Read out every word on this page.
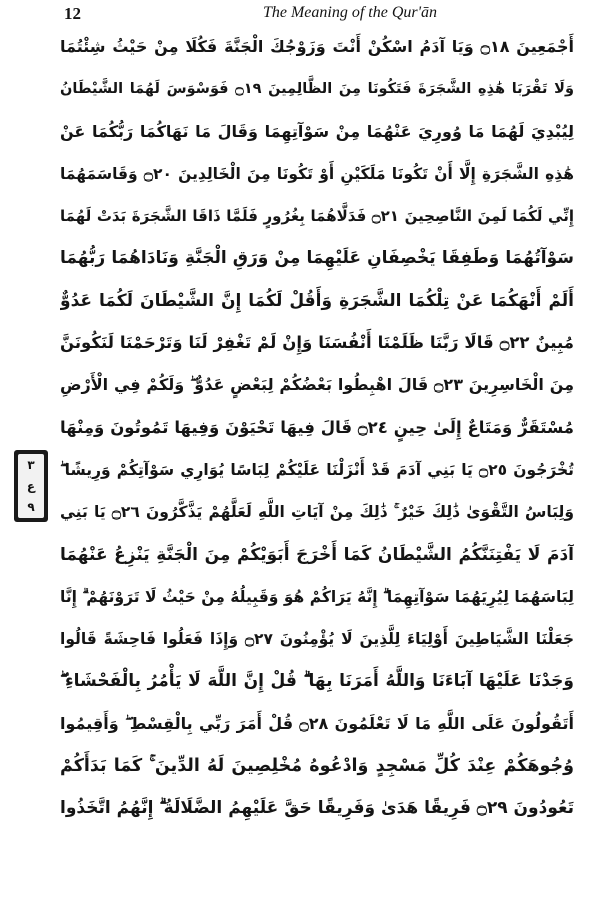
12	The Meaning of the Qur'ān
٣
ع
٩
أَجْمَعِينَ ۝١٨ وَيَا آدَمُ اسْكُنْ أَنْتَ وَزَوْجُكَ الْجَنَّةَ فَكُلَا مِنْ حَيْثُ شِئْتُمَا
وَلَا تَقْرَبَا هَٰذِهِ الشَّجَرَةَ فَتَكُونَا مِنَ الظَّالِمِينَ ۝١٩ فَوَسْوَسَ لَهُمَا الشَّيْطَانُ
لِيُبْدِيَ لَهُمَا مَا وُورِيَ عَنْهُمَا مِنْ سَوْآتِهِمَا وَقَالَ مَا نَهَاكُمَا رَبُّكُمَا عَنْ
هَٰذِهِ الشَّجَرَةِ إِلَّا أَنْ تَكُونَا مَلَكَيْنِ أَوْ تَكُونَا مِنَ الْخَالِدِينَ ۝٢٠ وَقَاسَمَهُمَا
إِنِّي لَكُمَا لَمِنَ النَّاصِحِينَ ۝٢١ فَدَلَّاهُمَا بِغُرُورٍ فَلَمَّا ذَاقَا الشَّجَرَةَ بَدَتْ لَهُمَا
سَوْآتُهُمَا وَطَفِقَا يَخْصِفَانِ عَلَيْهِمَا مِنْ وَرَقِ الْجَنَّةِ وَنَادَاهُمَا رَبُّهُمَا
أَلَمْ أَنْهَكُمَا عَنْ تِلْكُمَا الشَّجَرَةِ وَأَقُلْ لَكُمَا إِنَّ الشَّيْطَانَ لَكُمَا عَدُوٌّ
مُبِينٌ ۝٢٢ قَالَا رَبَّنَا ظَلَمْنَا أَنْفُسَنَا وَإِنْ لَمْ تَغْفِرْ لَنَا وَتَرْحَمْنَا لَنَكُونَنَّ
مِنَ الْخَاسِرِينَ ۝٢٣ قَالَ اهْبِطُوا بَعْضُكُمْ لِبَعْضٍ عَدُوٌّ ۖ وَلَكُمْ فِي الْأَرْضِ
مُسْتَقَرٌّ وَمَتَاعٌ إِلَىٰ حِينٍ ۝٢٤ قَالَ فِيهَا تَحْيَوْنَ وَفِيهَا تَمُوتُونَ وَمِنْهَا
تُخْرَجُونَ ۝٢٥ يَا بَنِي آدَمَ قَدْ أَنْزَلْنَا عَلَيْكُمْ لِبَاسًا يُوَارِي سَوْآتِكُمْ وَرِيشًا ۖ
وَلِبَاسُ التَّقْوَىٰ ذَٰلِكَ خَيْرٌ ۚ ذَٰلِكَ مِنْ آيَاتِ اللَّهِ لَعَلَّهُمْ يَذَّكَّرُونَ ۝٢٦ يَا بَنِي
آدَمَ لَا يَفْتِنَنَّكُمُ الشَّيْطَانُ كَمَا أَخْرَجَ أَبَوَيْكُمْ مِنَ الْجَنَّةِ يَنْزِعُ عَنْهُمَا
لِبَاسَهُمَا لِيُرِيَهُمَا سَوْآتِهِمَا ۗ إِنَّهُ يَرَاكُمْ هُوَ وَقَبِيلُهُ مِنْ حَيْثُ لَا تَرَوْنَهُمْ ۗ إِنَّا
جَعَلْنَا الشَّيَاطِينَ أَوْلِيَاءَ لِلَّذِينَ لَا يُؤْمِنُونَ ۝٢٧ وَإِذَا فَعَلُوا فَاحِشَةً قَالُوا
وَجَدْنَا عَلَيْهَا آبَاءَنَا وَاللَّهُ أَمَرَنَا بِهَا ۗ قُلْ إِنَّ اللَّهَ لَا يَأْمُرُ بِالْفَحْشَاءِ ۖ
أَتَقُولُونَ عَلَى اللَّهِ مَا لَا تَعْلَمُونَ ۝٢٨ قُلْ أَمَرَ رَبِّي بِالْقِسْطِ ۖ وَأَقِيمُوا
وُجُوهَكُمْ عِنْدَ كُلِّ مَسْجِدٍ وَادْعُوهُ مُخْلِصِينَ لَهُ الدِّينَ ۚ كَمَا بَدَأَكُمْ
تَعُودُونَ ۝٢٩ فَرِيقًا هَدَىٰ وَفَرِيقًا حَقَّ عَلَيْهِمُ الضَّلَالَةُ ۗ إِنَّهُمُ اتَّخَذُوا
